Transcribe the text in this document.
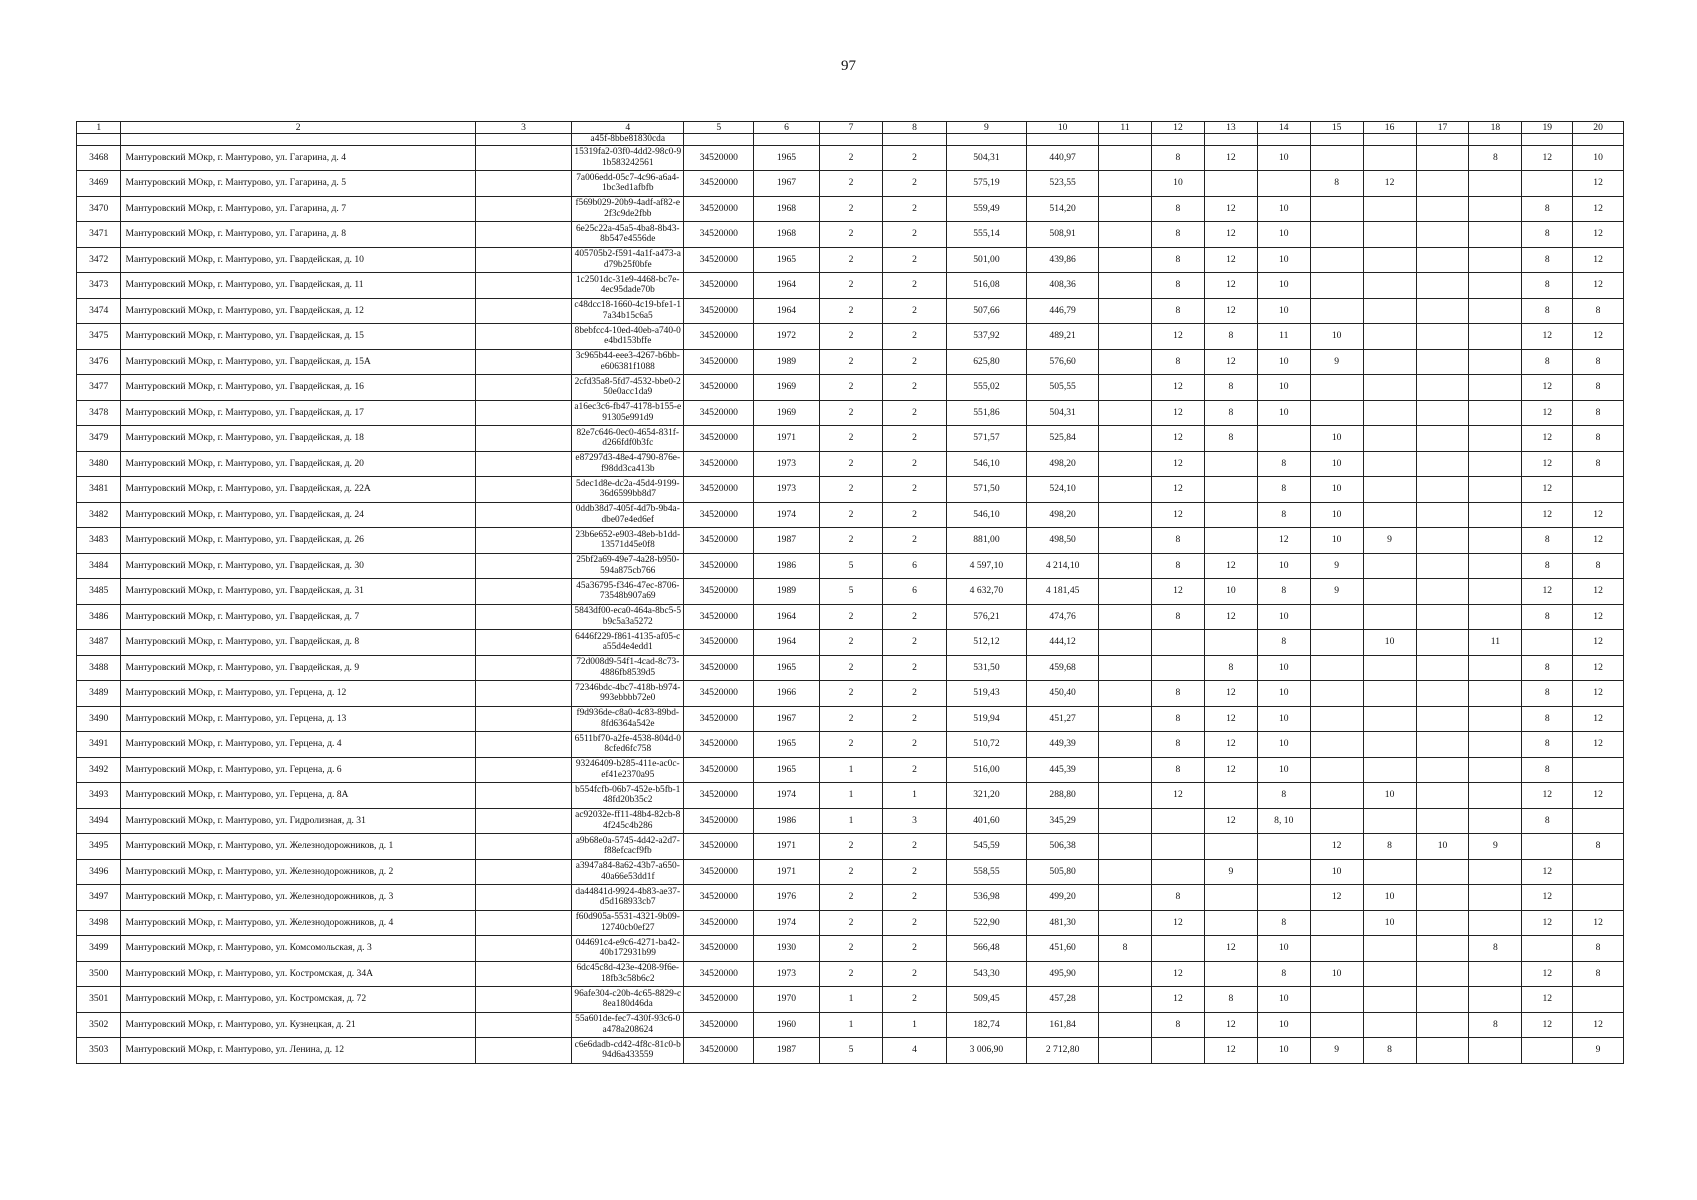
97
1	2	3	4	5	6	7	8	9	10	11	12	13	14	15	16	17	18	19	20
			a45f-8bbe81830cda																
3468	Мантуровский МОкр, г. Мантурово, ул. Гагарина, д. 4		15319fa2-03f0-4dd2-98c0-91b583242561	34520000	1965	2	2	504,31	440,97		8	12	10				8	12	10
3469	Мантуровский МОкр, г. Мантурово, ул. Гагарина, д. 5		7a006edd-05c7-4c96-a6a4-1bc3ed1afbfb	34520000	1967	2	2	575,19	523,55		10			8	12				12
3470	Мантуровский МОкр, г. Мантурово, ул. Гагарина, д. 7		f569b029-20b9-4adf-af82-e2f3c9de2fbb	34520000	1968	2	2	559,49	514,20		8	12	10					8	12
3471	Мантуровский МОкр, г. Мантурово, ул. Гагарина, д. 8		6e25c22a-45a5-4ba8-8b43-8b547e4556de	34520000	1968	2	2	555,14	508,91		8	12	10					8	12
3472	Мантуровский МОкр, г. Мантурово, ул. Гвардейская, д. 10		405705b2-f591-4a1f-a473-ad79b25f0bfe	34520000	1965	2	2	501,00	439,86		8	12	10					8	12
3473	Мантуровский МОкр, г. Мантурово, ул. Гвардейская, д. 11		1c2501dc-31e9-4468-bc7e-4ec95dade70b	34520000	1964	2	2	516,08	408,36		8	12	10					8	12
3474	Мантуровский МОкр, г. Мантурово, ул. Гвардейская, д. 12		c48dcc18-1660-4c19-bfe1-17a34b15c6a5	34520000	1964	2	2	507,66	446,79		8	12	10					8	8
3475	Мантуровский МОкр, г. Мантурово, ул. Гвардейская, д. 15		8bebfcc4-10ed-40eb-a740-0e4bd153bffe	34520000	1972	2	2	537,92	489,21		12	8	11	10				12	12
3476	Мантуровский МОкр, г. Мантурово, ул. Гвардейская, д. 15А		3c965b44-eee3-4267-b6bb-e606381f1088	34520000	1989	2	2	625,80	576,60		8	12	10	9				8	8
3477	Мантуровский МОкр, г. Мантурово, ул. Гвардейская, д. 16		2cfd35a8-5fd7-4532-bbe0-250e0acc1da9	34520000	1969	2	2	555,02	505,55		12	8	10					12	8
3478	Мантуровский МОкр, г. Мантурово, ул. Гвардейская, д. 17		a16ec3c6-fb47-4178-b155-e91305e991d9	34520000	1969	2	2	551,86	504,31		12	8	10					12	8
3479	Мантуровский МОкр, г. Мантурово, ул. Гвардейская, д. 18		82e7c646-0ec0-4654-831f-d266fdf0b3fc	34520000	1971	2	2	571,57	525,84		12	8		10				12	8
3480	Мантуровский МОкр, г. Мантурово, ул. Гвардейская, д. 20		e87297d3-48e4-4790-876e-f98dd3ca413b	34520000	1973	2	2	546,10	498,20		12		8	10				12	8
3481	Мантуровский МОкр, г. Мантурово, ул. Гвардейская, д. 22А		5dec1d8e-dc2a-45d4-9199-36d6599bb8d7	34520000	1973	2	2	571,50	524,10		12		8	10				12	
3482	Мантуровский МОкр, г. Мантурово, ул. Гвардейская, д. 24		0ddb38d7-405f-4d7b-9b4a-dbe07e4ed6ef	34520000	1974	2	2	546,10	498,20		12		8	10				12	12
3483	Мантуровский МОкр, г. Мантурово, ул. Гвардейская, д. 26		23b6e652-e903-48eb-b1dd-13571d45e0f8	34520000	1987	2	2	881,00	498,50		8		12	10	9			8	12
3484	Мантуровский МОкр, г. Мантурово, ул. Гвардейская, д. 30		25bf2a69-49e7-4a28-b950-594a875cb766	34520000	1986	5	6	4 597,10	4 214,10		8	12	10	9				8	8
3485	Мантуровский МОкр, г. Мантурово, ул. Гвардейская, д. 31		45a36795-f346-47ec-8706-73548b907a69	34520000	1989	5	6	4 632,70	4 181,45		12	10	8	9				12	12
3486	Мантуровский МОкр, г. Мантурово, ул. Гвардейская, д. 7		5843df00-eca0-464a-8bc5-5b9c5a3a5272	34520000	1964	2	2	576,21	474,76		8	12	10					8	12
3487	Мантуровский МОкр, г. Мантурово, ул. Гвардейская, д. 8		6446f229-f861-4135-af05-ca55d4e4edd1	34520000	1964	2	2	512,12	444,12				8		10		11		12
3488	Мантуровский МОкр, г. Мантурово, ул. Гвардейская, д. 9		72d008d9-54f1-4cad-8c73-4886fb8539d5	34520000	1965	2	2	531,50	459,68			8	10					8	12
3489	Мантуровский МОкр, г. Мантурово, ул. Герцена, д. 12		72346bdc-4bc7-418b-b974-993ebbbb72e0	34520000	1966	2	2	519,43	450,40		8	12	10					8	12
3490	Мантуровский МОкр, г. Мантурово, ул. Герцена, д. 13		f9d936de-c8a0-4c83-89bd-8fd6364a542e	34520000	1967	2	2	519,94	451,27		8	12	10					8	12
3491	Мантуровский МОкр, г. Мантурово, ул. Герцена, д. 4		6511bf70-a2fe-4538-804d-08cfed6fc758	34520000	1965	2	2	510,72	449,39		8	12	10					8	12
3492	Мантуровский МОкр, г. Мантурово, ул. Герцена, д. 6		93246409-b285-411e-ac0c-ef41e2370a95	34520000	1965	1	2	516,00	445,39		8	12	10					8	
3493	Мантуровский МОкр, г. Мантурово, ул. Герцена, д. 8А		b554fcfb-06b7-452e-b5fb-148fd20b35c2	34520000	1974	1	1	321,20	288,80		12		8		10			12	12
3494	Мантуровский МОкр, г. Мантурово, ул. Гидролизная, д. 31		ac92032e-ff11-48b4-82cb-84f245c4b286	34520000	1986	1	3	401,60	345,29			12	8, 10					8	
3495	Мантуровский МОкр, г. Мантурово, ул. Железнодорожников, д. 1		a9b68e0a-5745-4d42-a2d7-f88efcacf9fb	34520000	1971	2	2	545,59	506,38					12	8	10	9		8
3496	Мантуровский МОкр, г. Мантурово, ул. Железнодорожников, д. 2		a3947a84-8a62-43b7-a650-40a66e53dd1f	34520000	1971	2	2	558,55	505,80			9		10				12	
3497	Мантуровский МОкр, г. Мантурово, ул. Железнодорожников, д. 3		da44841d-9924-4b83-ae37-d5d168933cb7	34520000	1976	2	2	536,98	499,20		8			12	10			12	
3498	Мантуровский МОкр, г. Мантурово, ул. Железнодорожников, д. 4		f60d905a-5531-4321-9b09-12740cb0ef27	34520000	1974	2	2	522,90	481,30		12		8		10			12	12
3499	Мантуровский МОкр, г. Мантурово, ул. Комсомольская, д. 3		044691c4-e9c6-4271-ba42-40b172931b99	34520000	1930	2	2	566,48	451,60	8		12	10				8		8
3500	Мантуровский МОкр, г. Мантурово, ул. Костромская, д. 34А		6dc45c8d-423e-4208-9f6e-18fb3c58b6c2	34520000	1973	2	2	543,30	495,90		12		8	10				12	8
3501	Мантуровский МОкр, г. Мантурово, ул. Костромская, д. 72		96afe304-c20b-4c65-8829-c8ea180d46da	34520000	1970	1	2	509,45	457,28		12	8	10					12	
3502	Мантуровский МОкр, г. Мантурово, ул. Кузнецкая, д. 21		55a601de-fec7-430f-93c6-0a478a208624	34520000	1960	1	1	182,74	161,84		8	12	10				8	12	12
3503	Мантуровский МОкр, г. Мантурово, ул. Ленина, д. 12		c6e6dadb-cd42-4f8c-81c0-b94d6a433559	34520000	1987	5	4	3 006,90	2 712,80			12	10	9	8				9
